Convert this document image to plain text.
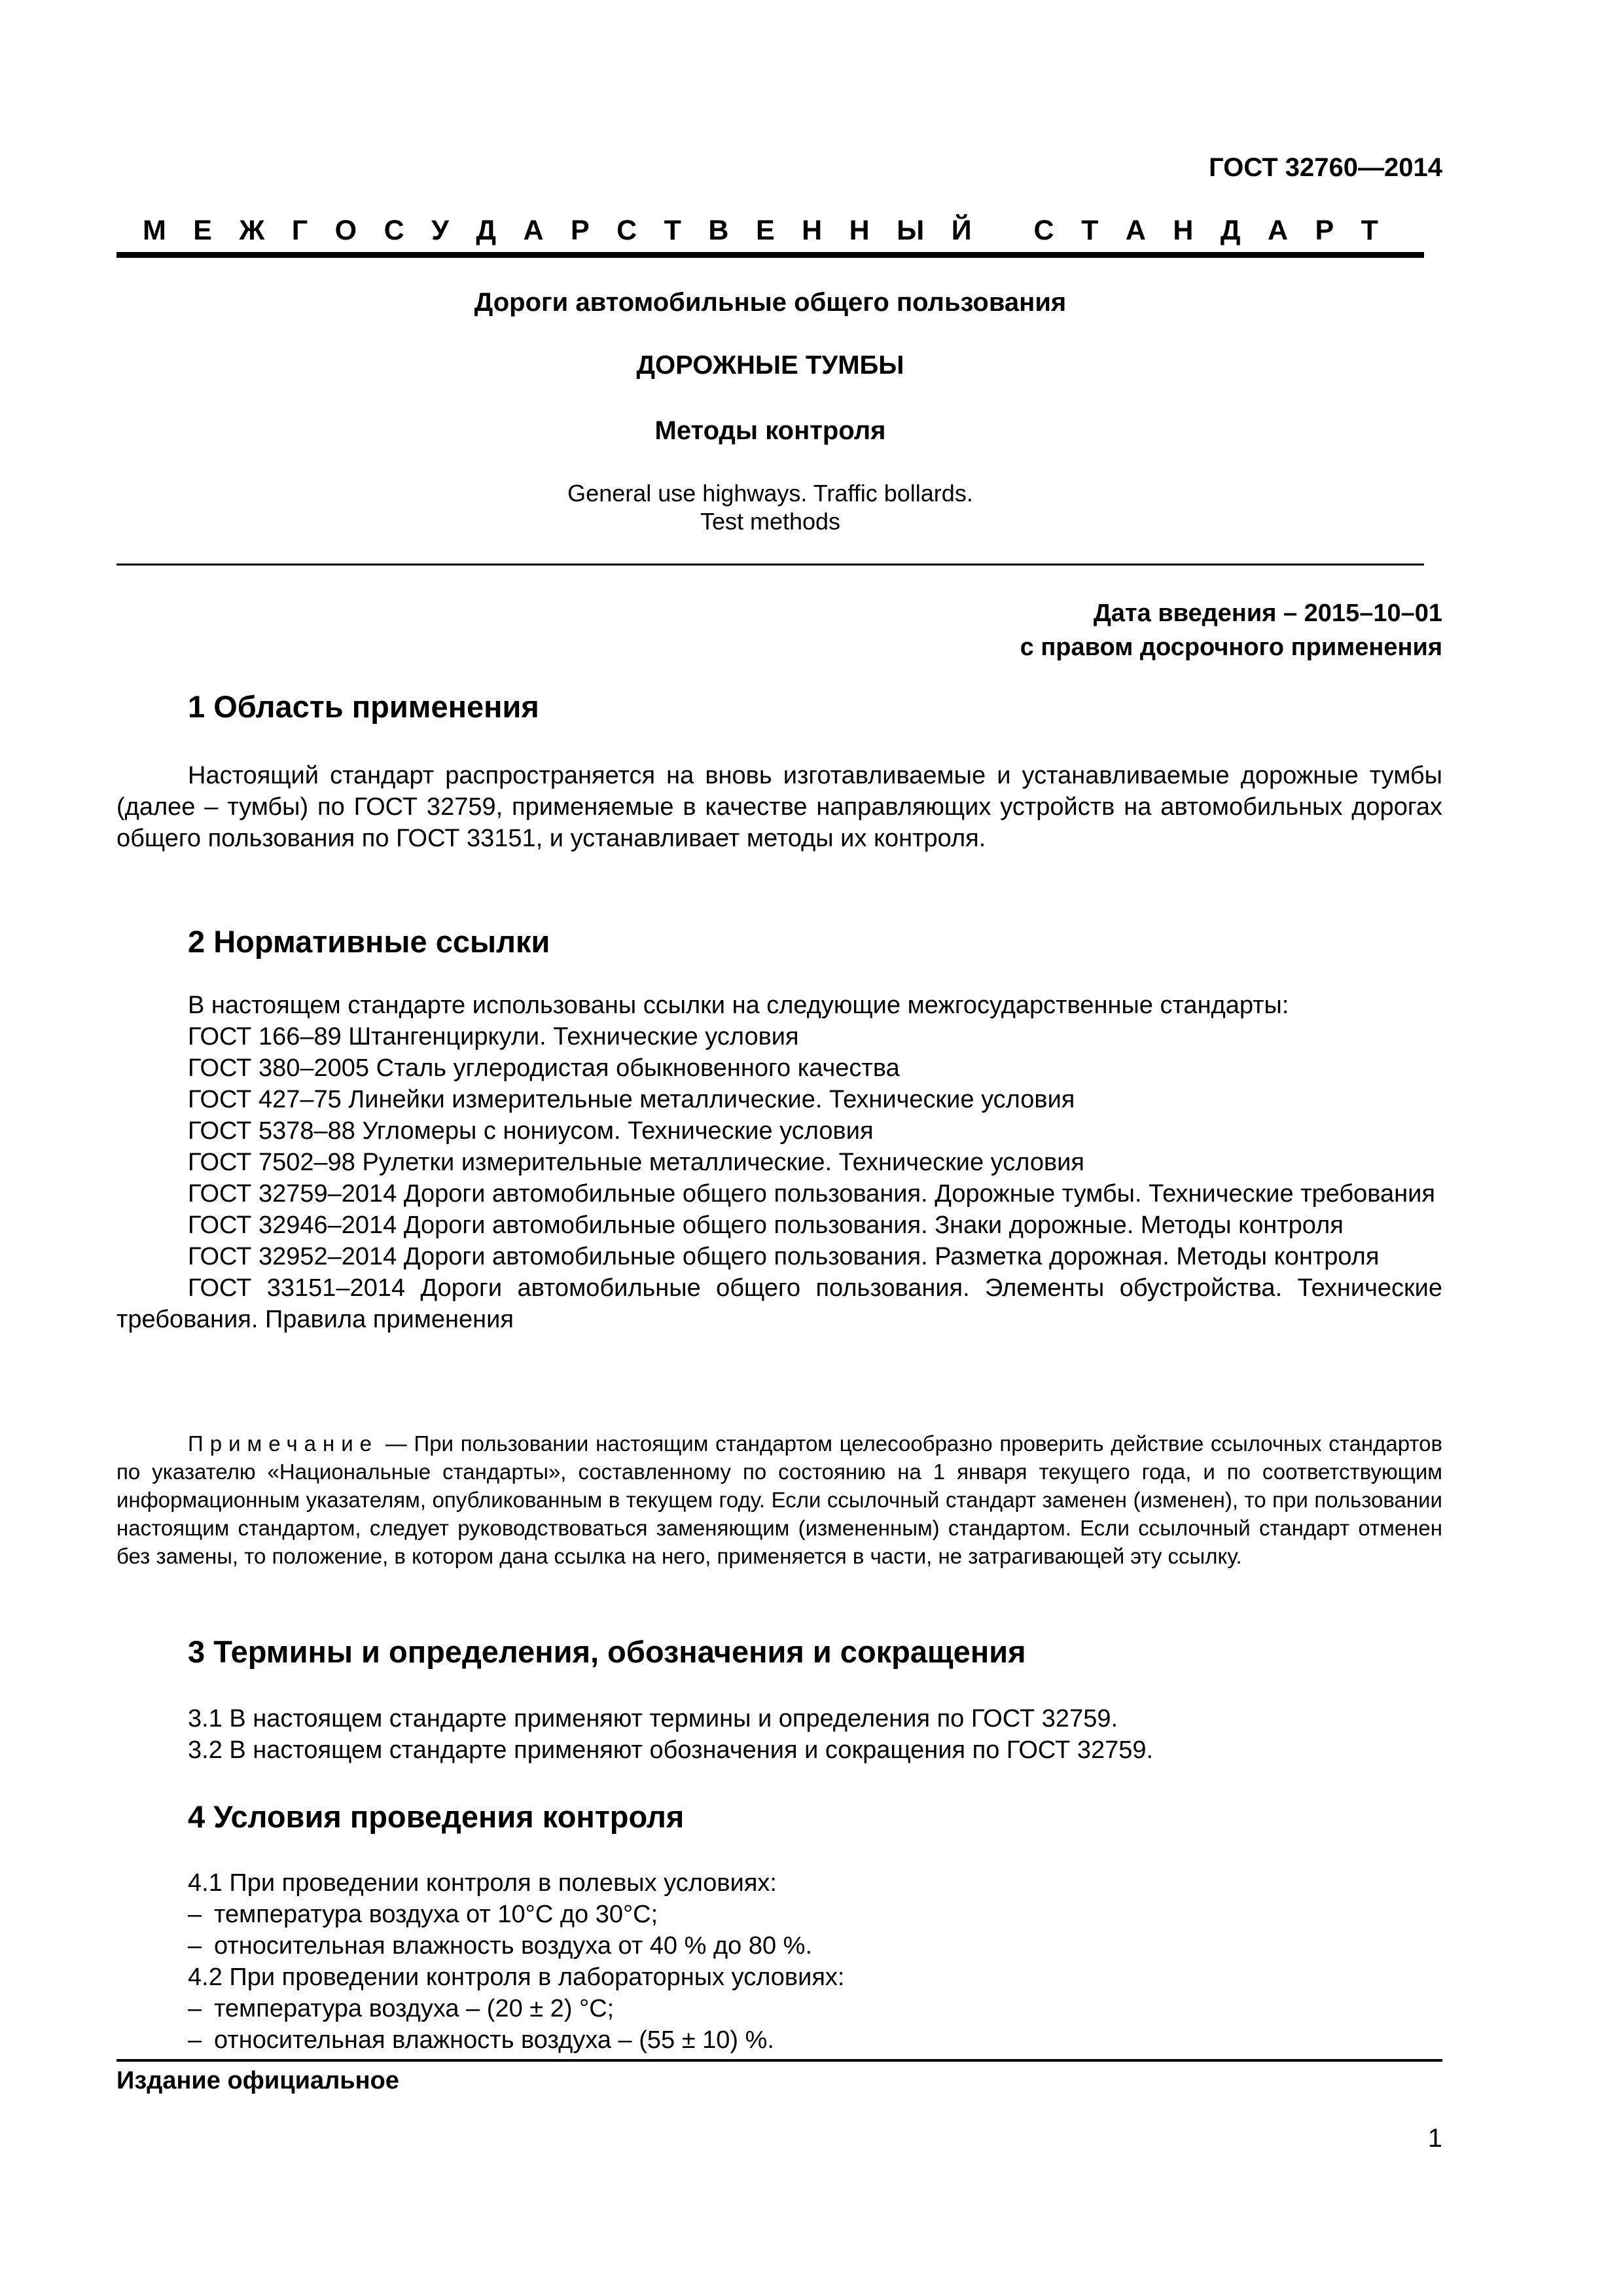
ГОСТ 32760—2014
М Е Ж Г О С У Д А Р С Т В Е Н Н Ы Й
С Т А Н Д А Р Т
Дороги автомобильные общего пользования
ДОРОЖНЫЕ ТУМБЫ
Методы контроля
General use highways. Traffic bollards.
Test methods
Дата введения – 2015–10–01
с правом досрочного применения
1 Область применения

Настоящий стандарт распространяется на вновь изготавливаемые и устанавливаемые дорожные тумбы (далее – тумбы) по ГОСТ 32759, применяемые в качестве направляющих устройств на автомобильных дорогах общего пользования по ГОСТ 33151, и устанавливает методы их контроля.

2 Нормативные ссылки
В настоящем стандарте использованы ссылки на следующие межгосударственные стандарты:
ГОСТ 166–89 Штангенциркули. Технические условия
ГОСТ 380–2005 Сталь углеродистая обыкновенного качества
ГОСТ 427–75 Линейки измерительные металлические. Технические условия
ГОСТ 5378–88 Угломеры с нониусом. Технические условия
ГОСТ 7502–98 Рулетки измерительные металлические. Технические условия

ГОСТ 32759–2014 Дороги автомобильные общего пользования. Дорожные тумбы. Технические требования

ГОСТ 32946–2014 Дороги автомобильные общего пользования. Знаки дорожные. Методы контроля

ГОСТ 32952–2014 Дороги автомобильные общего пользования. Разметка дорожная. Методы контроля

ГОСТ 33151–2014 Дороги автомобильные общего пользования. Элементы обустройства. Технические требования. Правила применения

Примечание — При пользовании настоящим стандартом целесообразно проверить действие ссылочных стандартов по указателю «Национальные стандарты», составленному по состоянию на 1 января текущего года, и по соответствующим информационным указателям, опубликованным в текущем году. Если ссылочный стандарт заменен (изменен), то при пользовании настоящим стандартом, следует руководствоваться заменяющим (измененным) стандартом. Если ссылочный стандарт отменен без замены, то положение, в котором дана ссылка на него, применяется в части, не затрагивающей эту ссылку.

3 Термины и определения, обозначения и сокращения
3.1 В настоящем стандарте применяют термины и определения по ГОСТ 32759.
3.2 В настоящем стандарте применяют обозначения и сокращения по ГОСТ 32759.
4 Условия проведения контроля
4.1 При проведении контроля в полевых условиях:
– температура воздуха от 10°С до 30°С;
– относительная влажность воздуха от 40 % до 80 %.
4.2 При проведении контроля в лабораторных условиях:
– температура воздуха – (20 ± 2) °С;
– относительная влажность воздуха – (55 ± 10) %.
Издание официальное
1
